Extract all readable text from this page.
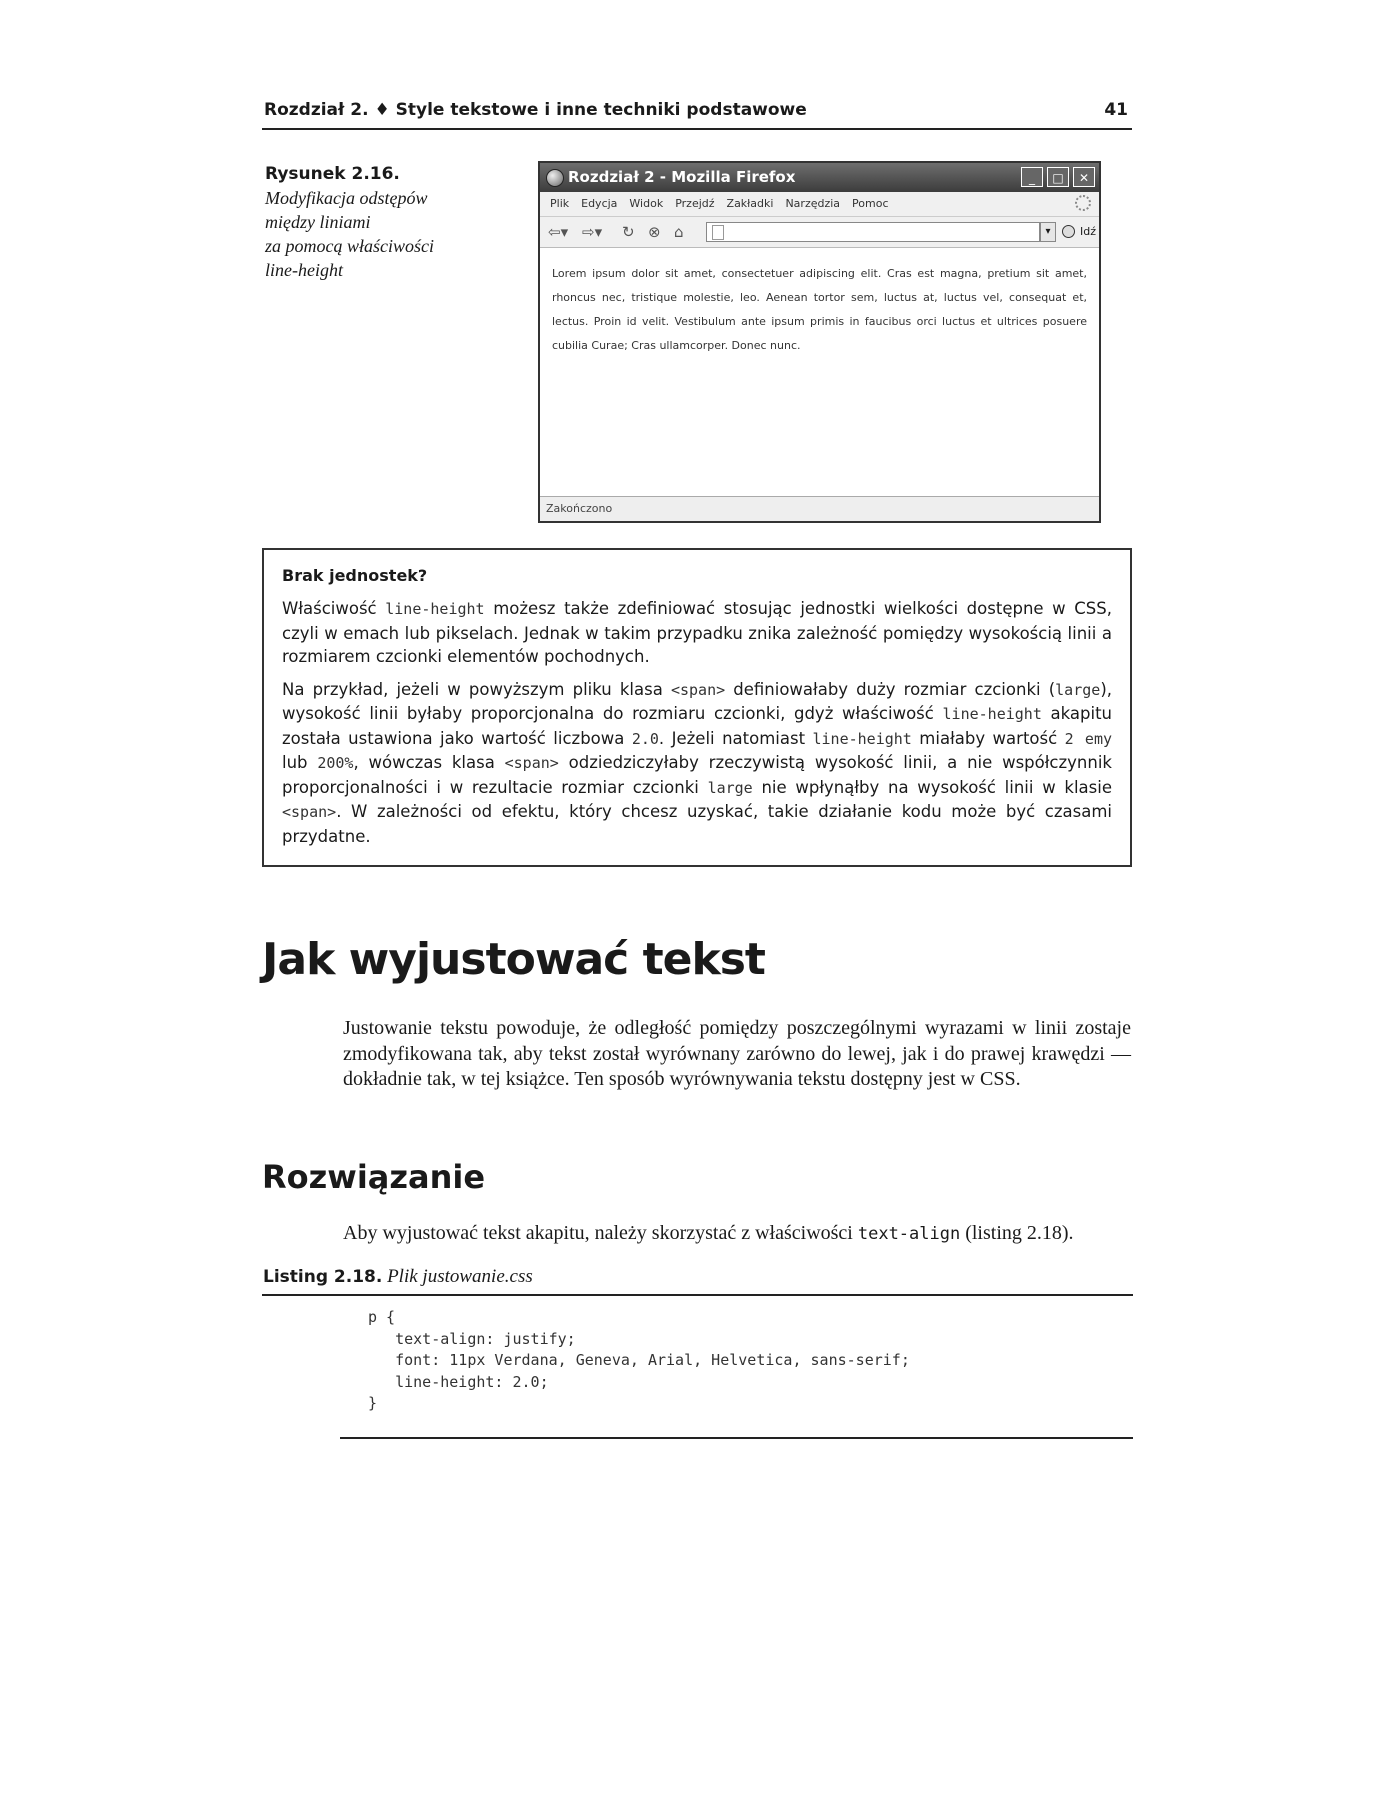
Rozdział 2. ♦ Style tekstowe i inne techniki podstawowe	41
Rysunek 2.16.
Modyfikacja odstępów
między liniami
za pomocą właściwości
line-height
Rozdział 2 - Mozilla Firefox	_	□	✕
Plik Edycja Widok Przejdź Zakładki Narzędzia Pomoc
⇦▾ ⇨▾ ↻ ⊗ ⌂	▾	Idź
Lorem ipsum dolor sit amet, consectetuer adipiscing elit. Cras est magna, pretium sit amet, rhoncus nec, tristique molestie, leo. Aenean tortor sem, luctus at, luctus vel, consequat et, lectus. Proin id velit. Vestibulum ante ipsum primis in faucibus orci luctus et ultrices posuere cubilia Curae; Cras ullamcorper. Donec nunc.
Zakończono
Brak jednostek?

Właściwość line-height możesz także zdefiniować stosując jednostki wielkości dostępne w CSS, czyli w emach lub pikselach. Jednak w takim przypadku znika zależność pomiędzy wysokością linii a rozmiarem czcionki elementów pochodnych.

Na przykład, jeżeli w powyższym pliku klasa <span> definiowałaby duży rozmiar czcionki (large), wysokość linii byłaby proporcjonalna do rozmiaru czcionki, gdyż właściwość line-height akapitu została ustawiona jako wartość liczbowa 2.0. Jeżeli natomiast line-height miałaby wartość 2 emy lub 200%, wówczas klasa <span> odziedziczyłaby rzeczywistą wysokość linii, a nie współczynnik proporcjonalności i w rezultacie rozmiar czcionki large nie wpłynąłby na wysokość linii w klasie <span>. W zależności od efektu, który chcesz uzyskać, takie działanie kodu może być czasami przydatne.

Jak wyjustować tekst
Justowanie tekstu powoduje, że odległość pomiędzy poszczególnymi wyrazami w linii zostaje zmodyfikowana tak, aby tekst został wyrównany zarówno do lewej, jak i do prawej krawędzi — dokładnie tak, w tej książce. Ten sposób wyrównywania tekstu dostępny jest w CSS.
Rozwiązanie
Aby wyjustować tekst akapitu, należy skorzystać z właściwości text-align (listing 2.18).
Listing 2.18. Plik justowanie.css
p {
text-align: justify;
font: 11px Verdana, Geneva, Arial, Helvetica, sans-serif;
line-height: 2.0;
}
